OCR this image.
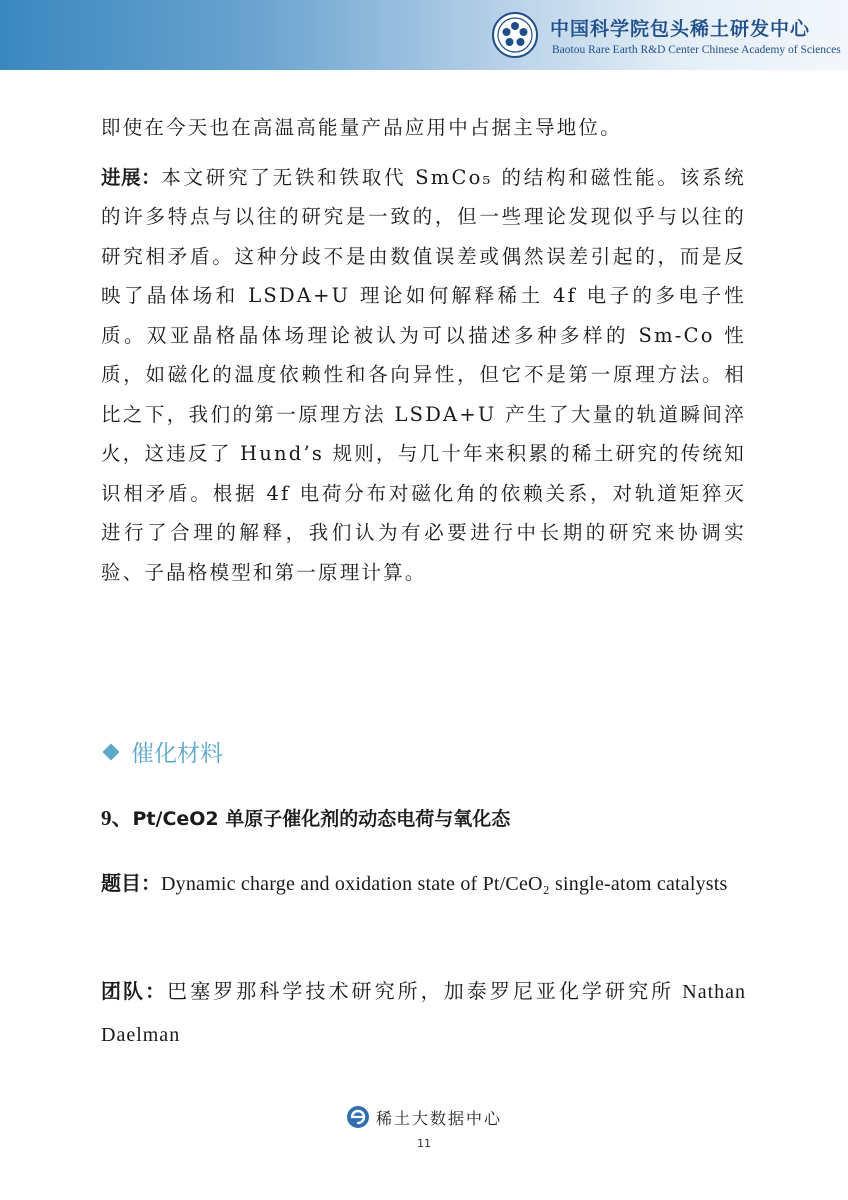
中国科学院包头稀土研发中心
Baotou Rare Earth R&D Center Chinese Academy of Sciences

即使在今天也在高温高能量产品应用中占据主导地位。

进展：本文研究了无铁和铁取代 SmCo₅ 的结构和磁性能。该系统的许多特点与以往的研究是一致的，但一些理论发现似乎与以往的研究相矛盾。这种分歧不是由数值误差或偶然误差引起的，而是反映了晶体场和 LSDA+U 理论如何解释稀土 4f 电子的多电子性质。双亚晶格晶体场理论被认为可以描述多种多样的 Sm-Co 性质，如磁化的温度依赖性和各向异性，但它不是第一原理方法。相比之下，我们的第一原理方法 LSDA+U 产生了大量的轨道瞬间淬火，这违反了 Hund’s 规则，与几十年来积累的稀土研究的传统知识相矛盾。根据 4f 电荷分布对磁化角的依赖关系，对轨道矩猝灭进行了合理的解释，我们认为有必要进行中长期的研究来协调实验、子晶格模型和第一原理计算。

催化材料
9、Pt/CeO2 单原子催化剂的动态电荷与氧化态

题目：Dynamic charge and oxidation state of Pt/CeO₂ single-atom catalysts

团队：巴塞罗那科学技术研究所，加泰罗尼亚化学研究所 Nathan Daelman

稀土大数据中心
11
